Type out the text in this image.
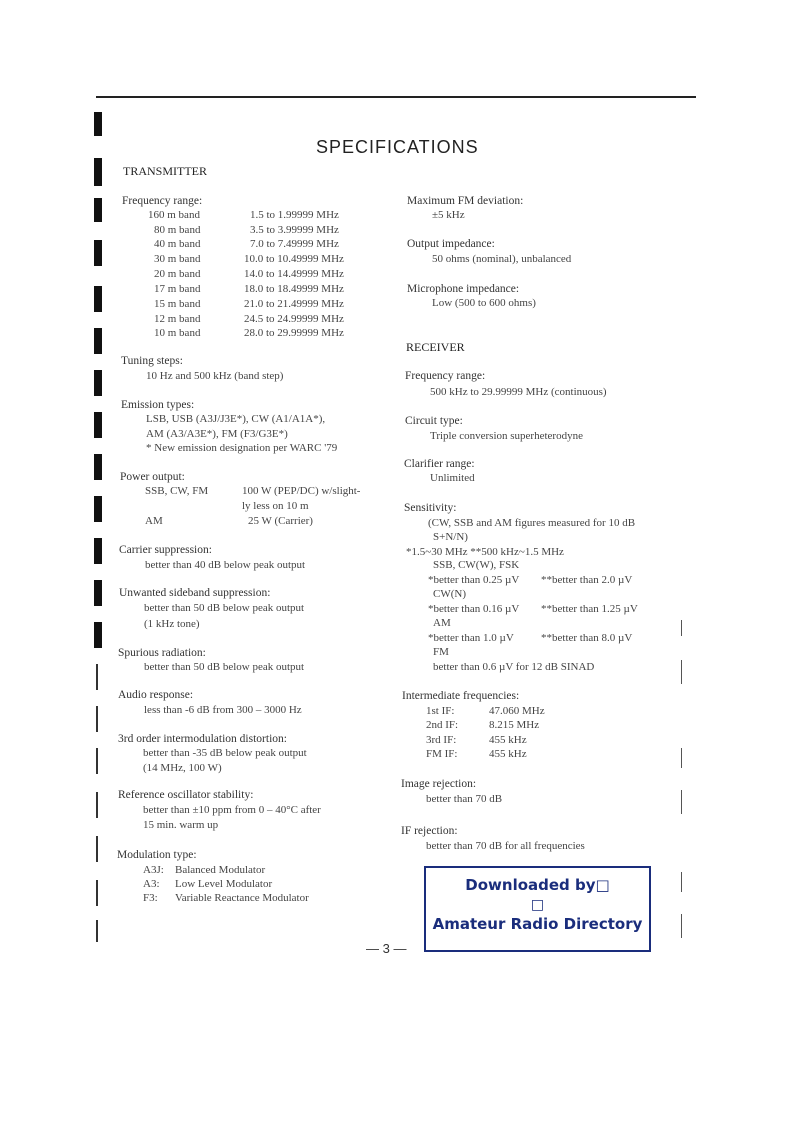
SPECIFICATIONS
TRANSMITTER
Frequency range:
160 m band	1.5 to 1.99999 MHz
80 m band	3.5 to 3.99999 MHz
40 m band	7.0 to 7.49999 MHz
30 m band	10.0 to 10.49999 MHz
20 m band	14.0 to 14.49999 MHz
17 m band	18.0 to 18.49999 MHz
15 m band	21.0 to 21.49999 MHz
12 m band	24.5 to 24.99999 MHz
10 m band	28.0 to 29.99999 MHz
Tuning steps:
10 Hz and 500 kHz (band step)
Emission types:
LSB, USB (A3J/J3E*), CW (A1/A1A*),
AM (A3/A3E*), FM (F3/G3E*)
* New emission designation per WARC '79
Power output:
SSB, CW, FM	100 W (PEP/DC) w/slight-
ly less on 10 m
AM	25 W (Carrier)
Carrier suppression:
better than 40 dB below peak output
Unwanted sideband suppression:
better than 50 dB below peak output
(1 kHz tone)
Spurious radiation:
better than 50 dB below peak output
Audio response:
less than -6 dB from 300 – 3000 Hz
3rd order intermodulation distortion:
better than -35 dB below peak output
(14 MHz, 100 W)
Reference oscillator stability:
better than ±10 ppm from 0 – 40°C after
15 min. warm up
Modulation type:
A3J: Balanced Modulator
A3: Low Level Modulator
F3: Variable Reactance Modulator
Maximum FM deviation:
±5 kHz
Output impedance:
50 ohms (nominal), unbalanced
Microphone impedance:
Low (500 to 600 ohms)
RECEIVER
Frequency range:
500 kHz to 29.99999 MHz (continuous)
Circuit type:
Triple conversion superheterodyne
Clarifier range:
Unlimited
Sensitivity:
(CW, SSB and AM figures measured for 10 dB
S+N/N)
*1.5~30 MHz **500 kHz~1.5 MHz
SSB, CW(W), FSK
*better than 0.25 µV **better than 2.0 µV
CW(N)
*better than 0.16 µV **better than 1.25 µV
AM
*better than 1.0 µV **better than 8.0 µV
FM
better than 0.6 µV for 12 dB SINAD
Intermediate frequencies:
1st IF:	47.060 MHz
2nd IF:	8.215 MHz
3rd IF:	455 kHz
FM IF:	455 kHz
Image rejection:
better than 70 dB
IF rejection:
better than 70 dB for all frequencies
Downloaded by□
□
Amateur Radio Directory
— 3 —
